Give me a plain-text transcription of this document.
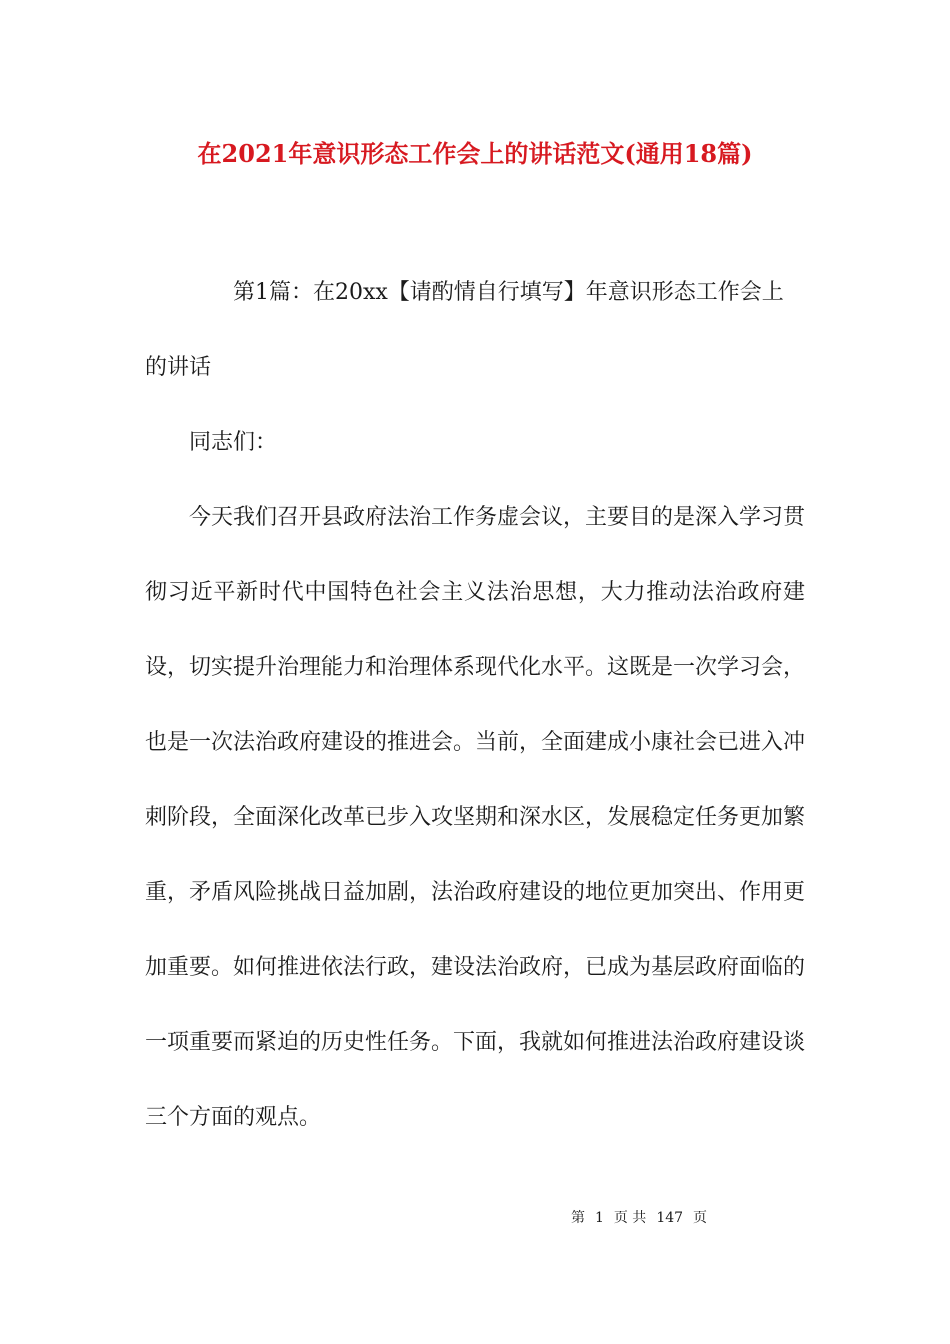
在2021年意识形态工作会上的讲话范文(通用18篇)

第1篇：在20xx【请酌情自行填写】年意识形态工作会上的讲话

同志们：

今天我们召开县政府法治工作务虚会议，主要目的是深入学习贯彻习近平新时代中国特色社会主义法治思想，大力推动法治政府建设，切实提升治理能力和治理体系现代化水平。这既是一次学习会，也是一次法治政府建设的推进会。当前，全面建成小康社会已进入冲刺阶段，全面深化改革已步入攻坚期和深水区，发展稳定任务更加繁重，矛盾风险挑战日益加剧，法治政府建设的地位更加突出、作用更加重要。如何推进依法行政，建设法治政府，已成为基层政府面临的一项重要而紧迫的历史性任务。下面，我就如何推进法治政府建设谈三个方面的观点。

第 1 页 共 147 页
